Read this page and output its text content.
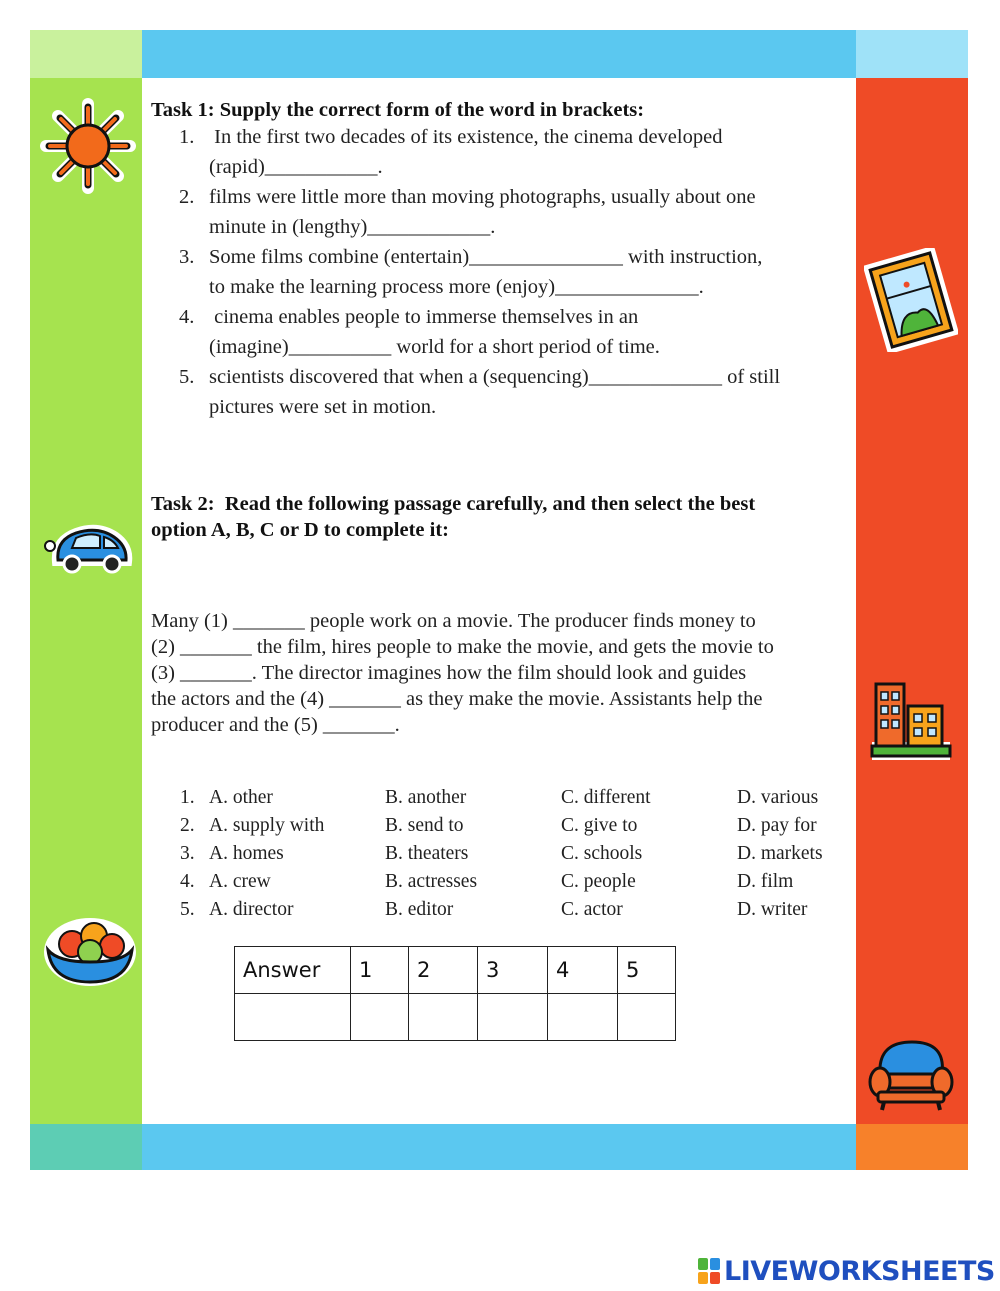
Task 1: Supply the correct form of the word in brackets:
1. In the first two decades of its existence, the cinema developed
(rapid)___________.
2. films were little more than moving photographs, usually about one
minute in (lengthy)____________.
3. Some films combine (entertain)_______________ with instruction,
to make the learning process more (enjoy)______________.
4. cinema enables people to immerse themselves in an
(imagine)__________ world for a short period of time.
5. scientists discovered that when a (sequencing)_____________ of still
pictures were set in motion.
Task 2:  Read the following passage carefully, and then select the best
option A, B, C or D to complete it:
Many (1) _______ people work on a movie. The producer finds money to
(2) _______ the film, hires people to make the movie, and gets the movie to
(3) _______. The director imagines how the film should look and guides
the actors and the (4) _______ as they make the movie. Assistants help the
producer and the (5) _______.
1. A. other	B. another	C. different	D. various
2. A. supply with	B. send to	C. give to	D. pay for
3. A. homes	B. theaters	C. schools	D. markets
4. A. crew	B. actresses	C. people	D. film
5. A. director	B. editor	C. actor	D. writer
Answer	1	2	3	4	5

LIVEWORKSHEETS
